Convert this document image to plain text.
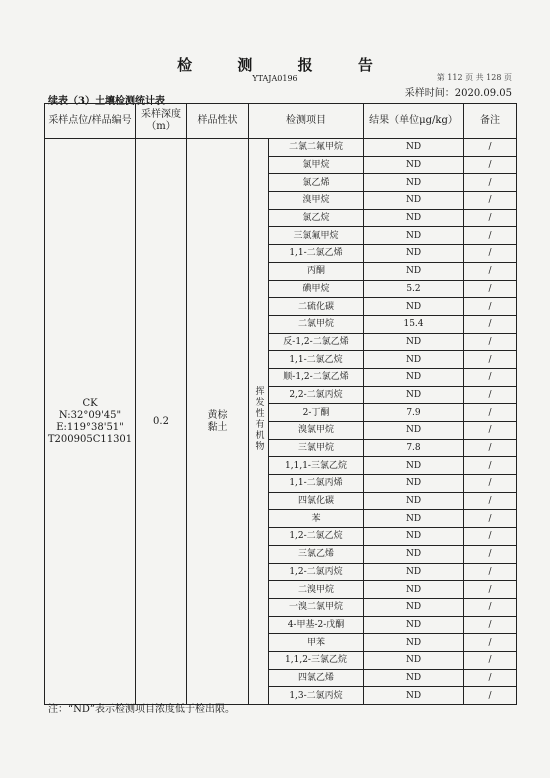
检 测 报 告
YTAJA0196	第 112 页 共 128 页
采样时间：2020.09.05
续表（3）土壤检测统计表
采样点位/样品编号	采样深度（m）	样品性状	检测项目		结果（单位μg/kg）	备注

CK
N:32°09'45"
E:119°38'51"
T200905C11301	0.2	黄棕黏土	挥发性有机物	二氯二氟甲烷	ND	/
				氯甲烷	ND	/
				氯乙烯	ND	/
				溴甲烷	ND	/
				氯乙烷	ND	/
				三氯氟甲烷	ND	/
				1,1-二氯乙烯	ND	/
				丙酮	ND	/
				碘甲烷	5.2	/
				二硫化碳	ND	/
				二氯甲烷	15.4	/
				反-1,2-二氯乙烯	ND	/
				1,1-二氯乙烷	ND	/
				顺-1,2-二氯乙烯	ND	/
				2,2-二氯丙烷	ND	/
				2-丁酮	7.9	/
				溴氯甲烷	ND	/
				三氯甲烷	7.8	/
				1,1,1-三氯乙烷	ND	/
				1,1-二氯丙烯	ND	/
				四氯化碳	ND	/
				苯	ND	/
				1,2-二氯乙烷	ND	/
				三氯乙烯	ND	/
				1,2-二氯丙烷	ND	/
				二溴甲烷	ND	/
				一溴二氯甲烷	ND	/
				4-甲基-2-戊酮	ND	/
				甲苯	ND	/
				1,1,2-三氯乙烷	ND	/
				四氯乙烯	ND	/
				1,3-二氯丙烷	ND	/
注：“ND”表示检测项目浓度低于检出限。
